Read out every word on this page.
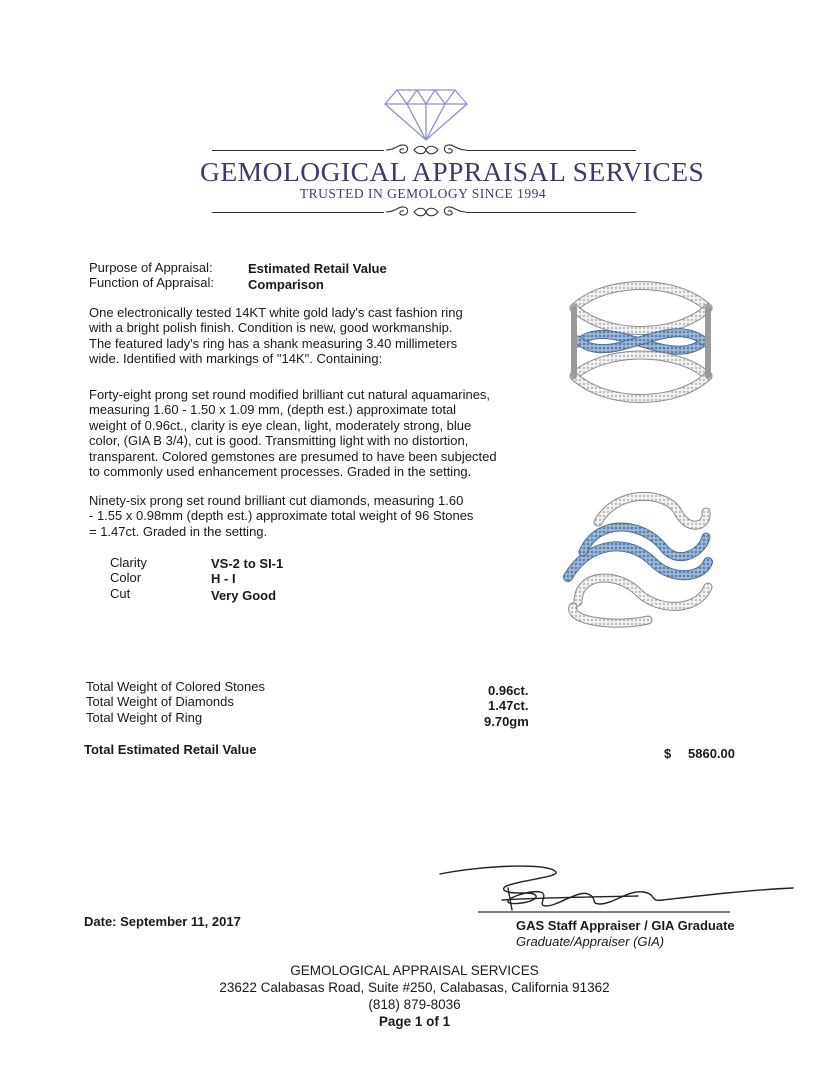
GEMOLOGICAL APPRAISAL SERVICES
TRUSTED IN GEMOLOGY SINCE 1994
Purpose of Appraisal:	Estimated Retail Value
Function of Appraisal:	Comparison
One electronically tested 14KT white gold lady's cast fashion ring
with a bright polish finish. Condition is new, good workmanship.
The featured lady's ring has a shank measuring 3.40 millimeters
wide. Identified with markings of "14K". Containing:
Forty-eight prong set round modified brilliant cut natural aquamarines,
measuring 1.60 - 1.50 x 1.09 mm, (depth est.) approximate total
weight of 0.96ct., clarity is eye clean, light, moderately strong, blue
color, (GIA B 3/4), cut is good. Transmitting light with no distortion,
transparent. Colored gemstones are presumed to have been subjected
to commonly used enhancement processes. Graded in the setting.
Ninety-six prong set round brilliant cut diamonds, measuring 1.60
- 1.55 x 0.98mm (depth est.) approximate total weight of 96 Stones
= 1.47ct. Graded in the setting.
Clarity	VS-2 to SI-1
Color	H - I
Cut	Very Good
Total Weight of Colored Stones	0.96ct.
Total Weight of Diamonds	1.47ct.
Total Weight of Ring	9.70gm
Total Estimated Retail Value	$ 5860.00
Date: September 11, 2017	GAS Staff Appraiser / GIA Graduate
Graduate/Appraiser (GIA)
GEMOLOGICAL APPRAISAL SERVICES
23622 Calabasas Road, Suite #250, Calabasas, California 91362
(818) 879-8036
Page 1 of 1
